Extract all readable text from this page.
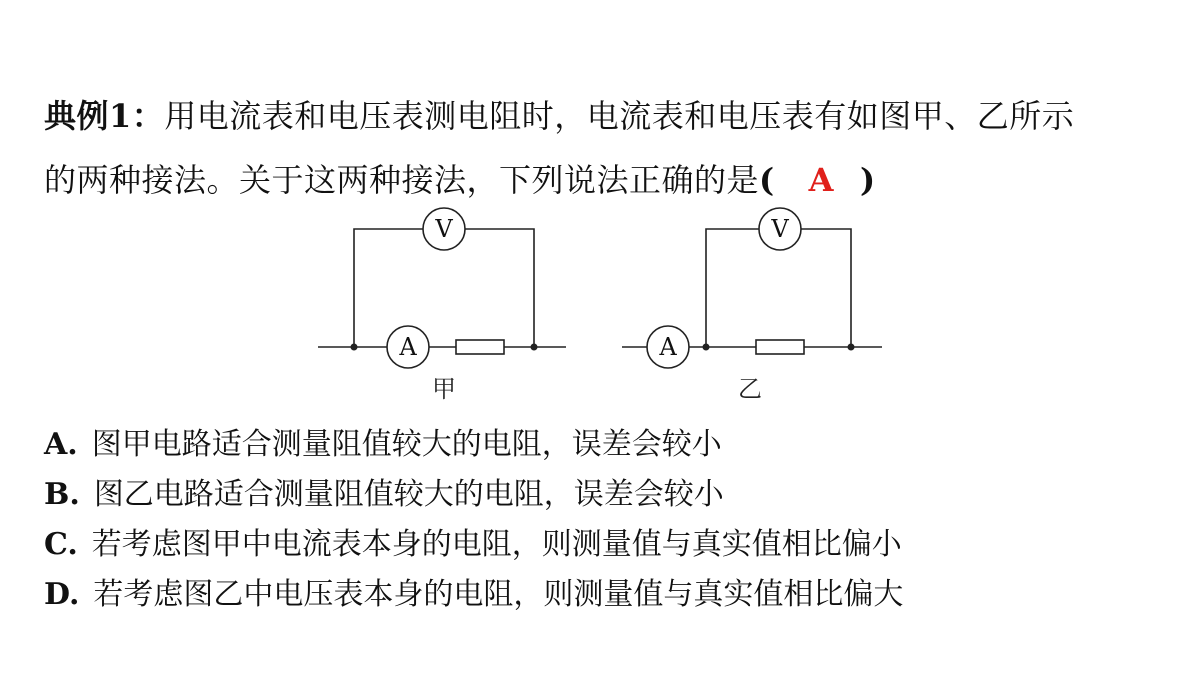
典例1：用电流表和电压表测电阻时，电流表和电压表有如图甲、乙所示
的两种接法。关于这两种接法，下列说法正确的是( A )
V
A
甲
V
A
乙
A. 图甲电路适合测量阻值较大的电阻，误差会较小
B. 图乙电路适合测量阻值较大的电阻，误差会较小
C. 若考虑图甲中电流表本身的电阻，则测量值与真实值相比偏小
D. 若考虑图乙中电压表本身的电阻，则测量值与真实值相比偏大
